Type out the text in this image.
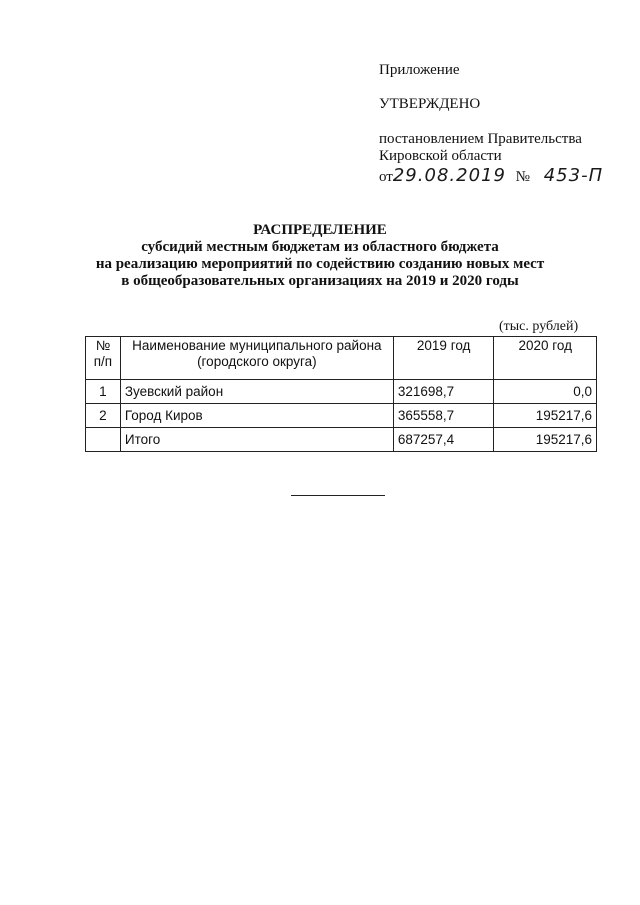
Приложение
УТВЕРЖДЕНО
постановлением Правительства
Кировской области
от29.08.2019 № 453-П
РАСПРЕДЕЛЕНИЕ
субсидий местным бюджетам из областного бюджета
на реализацию мероприятий по содействию созданию новых мест
в общеобразовательных организациях на 2019 и 2020 годы
(тыс. рублей)
№ п/п	Наименование муниципального района (городского округа)	2019 год	2020 год
1	Зуевский район	321698,7	0,0
2	Город Киров	365558,7	195217,6
	Итого	687257,4	195217,6
